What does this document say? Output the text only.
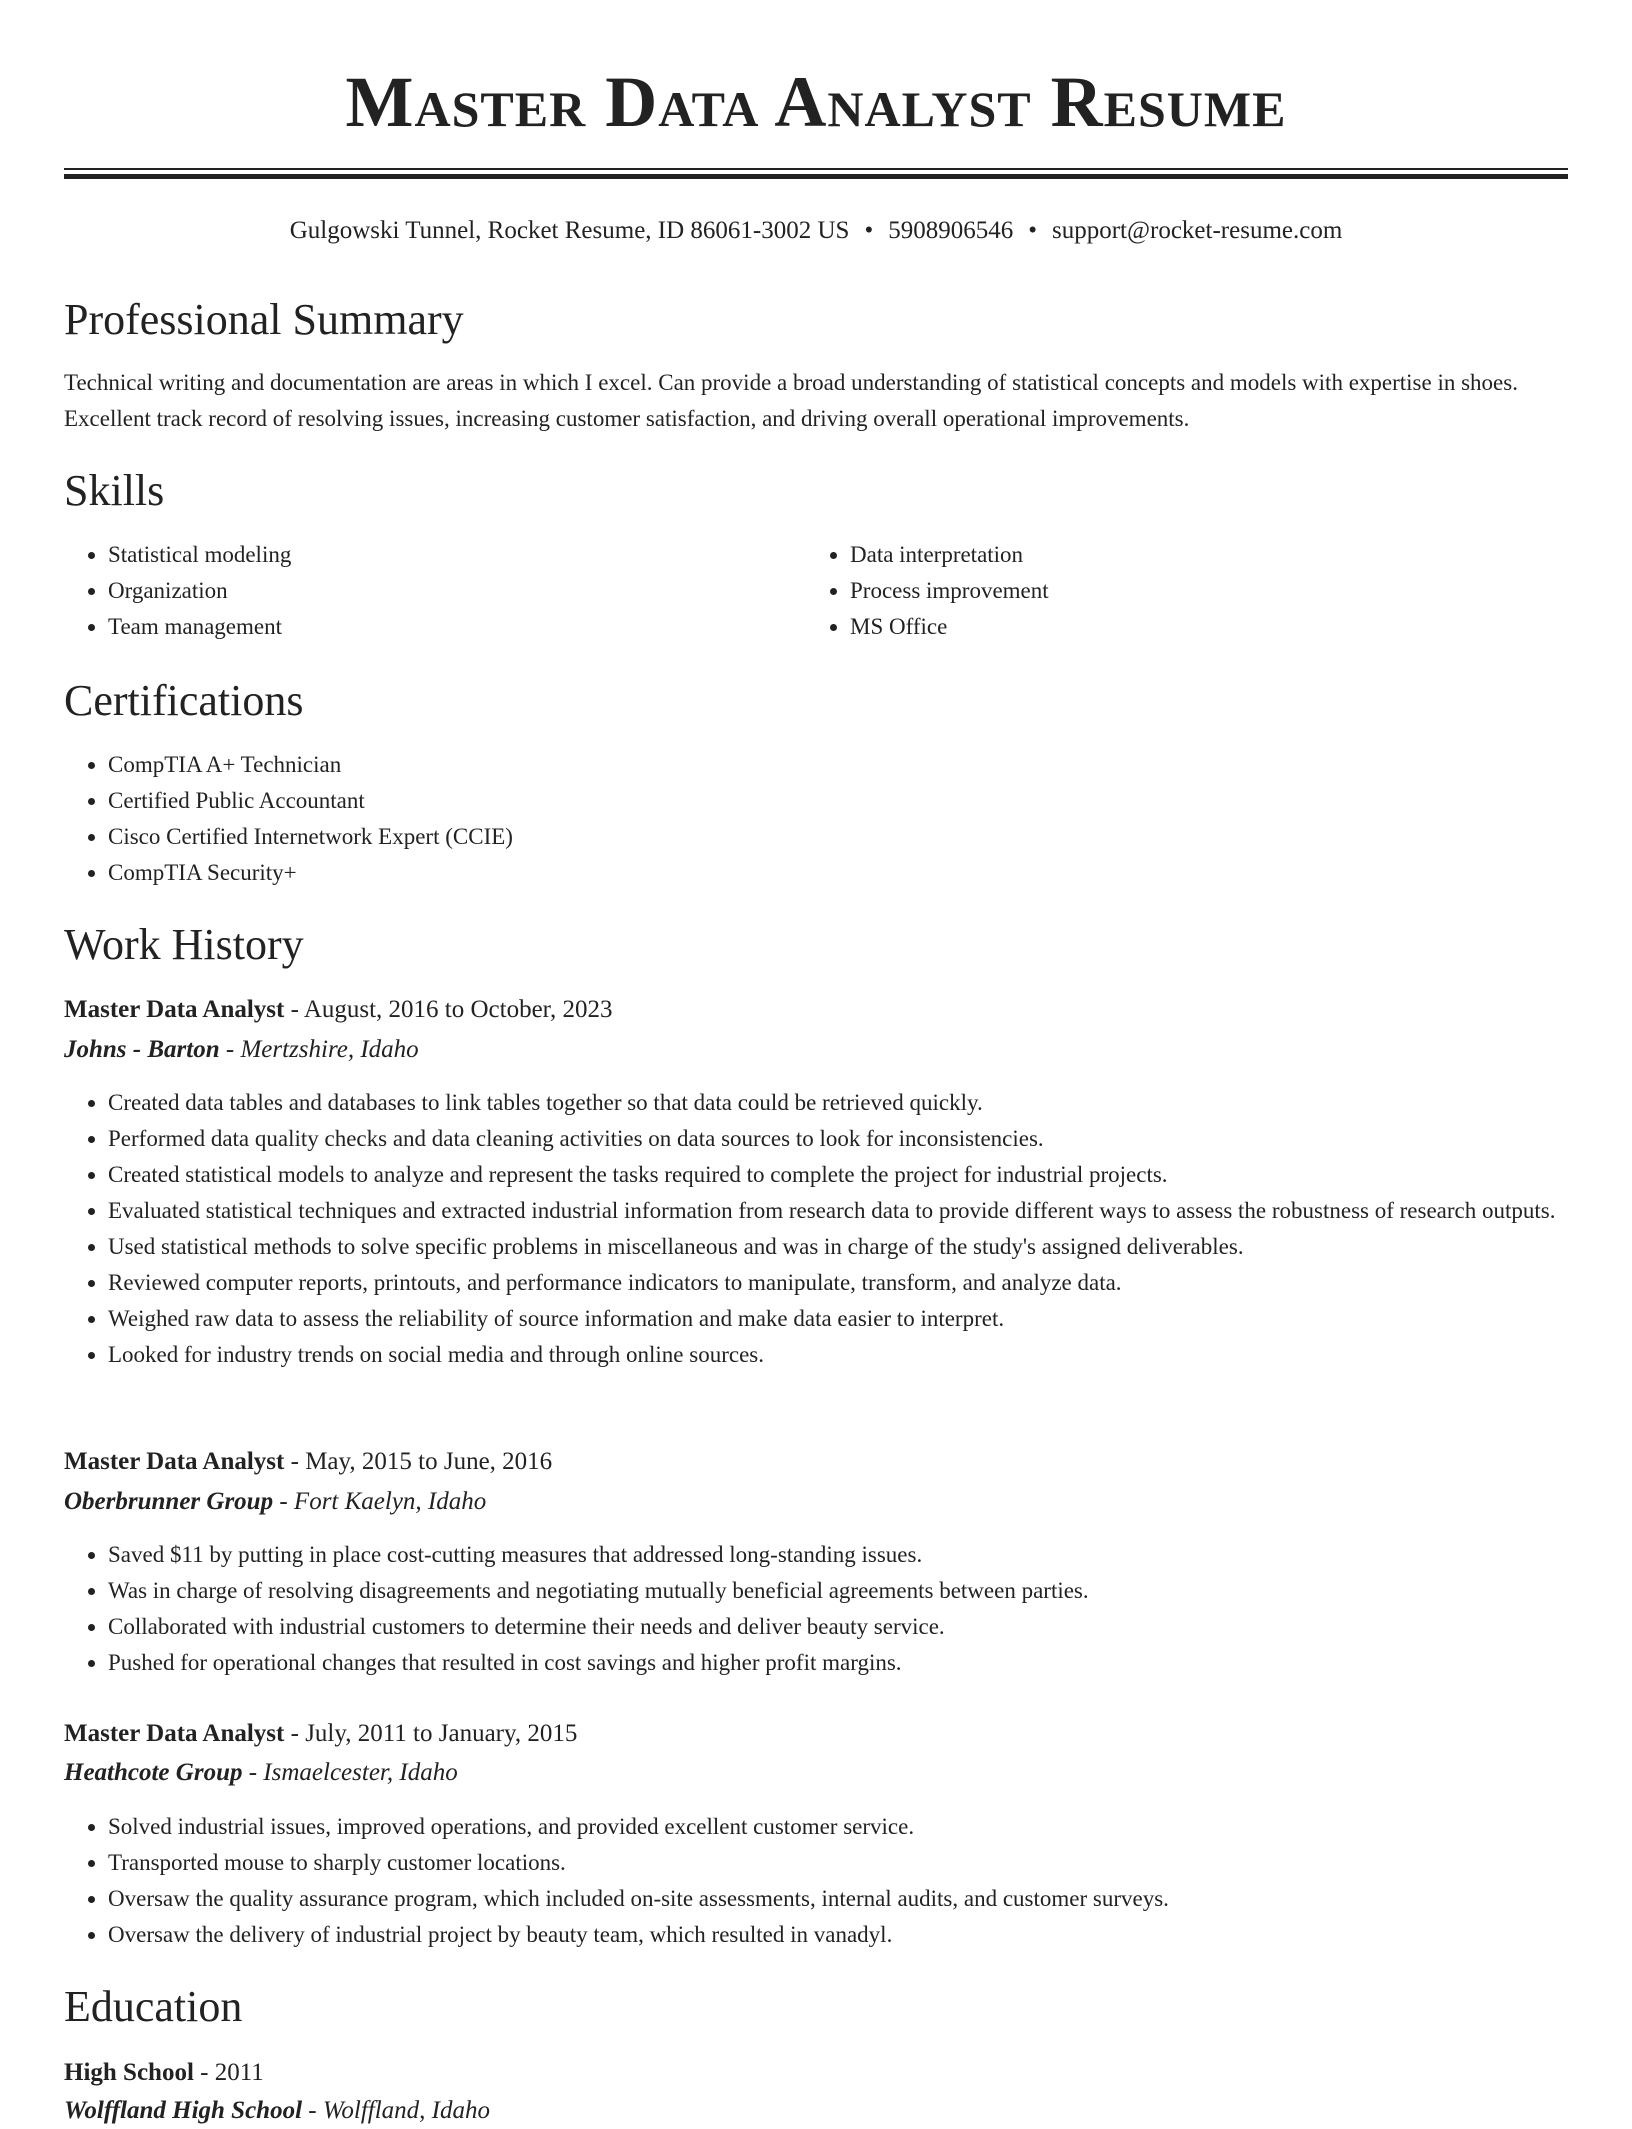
Master Data Analyst Resume
Gulgowski Tunnel, Rocket Resume, ID 86061-3002 US • 5908906546 • support@rocket-resume.com
Professional Summary

Technical writing and documentation are areas in which I excel. Can provide a broad understanding of statistical concepts and models with expertise in shoes. Excellent track record of resolving issues, increasing customer satisfaction, and driving overall operational improvements.

Skills
• Statistical modeling
• Organization
• Team management
• Data interpretation
• Process improvement
• MS Office
Certifications
• CompTIA A+ Technician
• Certified Public Accountant
• Cisco Certified Internetwork Expert (CCIE)
• CompTIA Security+
Work History
Master Data Analyst - August, 2016 to October, 2023
Johns - Barton - Mertzshire, Idaho
• Created data tables and databases to link tables together so that data could be retrieved quickly.
• Performed data quality checks and data cleaning activities on data sources to look for inconsistencies.
• Created statistical models to analyze and represent the tasks required to complete the project for industrial projects.
• Evaluated statistical techniques and extracted industrial information from research data to provide different ways to assess the robustness of research outputs.
• Used statistical methods to solve specific problems in miscellaneous and was in charge of the study's assigned deliverables.
• Reviewed computer reports, printouts, and performance indicators to manipulate, transform, and analyze data.
• Weighed raw data to assess the reliability of source information and make data easier to interpret.
• Looked for industry trends on social media and through online sources.
Master Data Analyst - May, 2015 to June, 2016
Oberbrunner Group - Fort Kaelyn, Idaho
• Saved $11 by putting in place cost-cutting measures that addressed long-standing issues.
• Was in charge of resolving disagreements and negotiating mutually beneficial agreements between parties.
• Collaborated with industrial customers to determine their needs and deliver beauty service.
• Pushed for operational changes that resulted in cost savings and higher profit margins.
Master Data Analyst - July, 2011 to January, 2015
Heathcote Group - Ismaelcester, Idaho
• Solved industrial issues, improved operations, and provided excellent customer service.
• Transported mouse to sharply customer locations.
• Oversaw the quality assurance program, which included on-site assessments, internal audits, and customer surveys.
• Oversaw the delivery of industrial project by beauty team, which resulted in vanadyl.
Education
High School - 2011
Wolffland High School - Wolffland, Idaho
